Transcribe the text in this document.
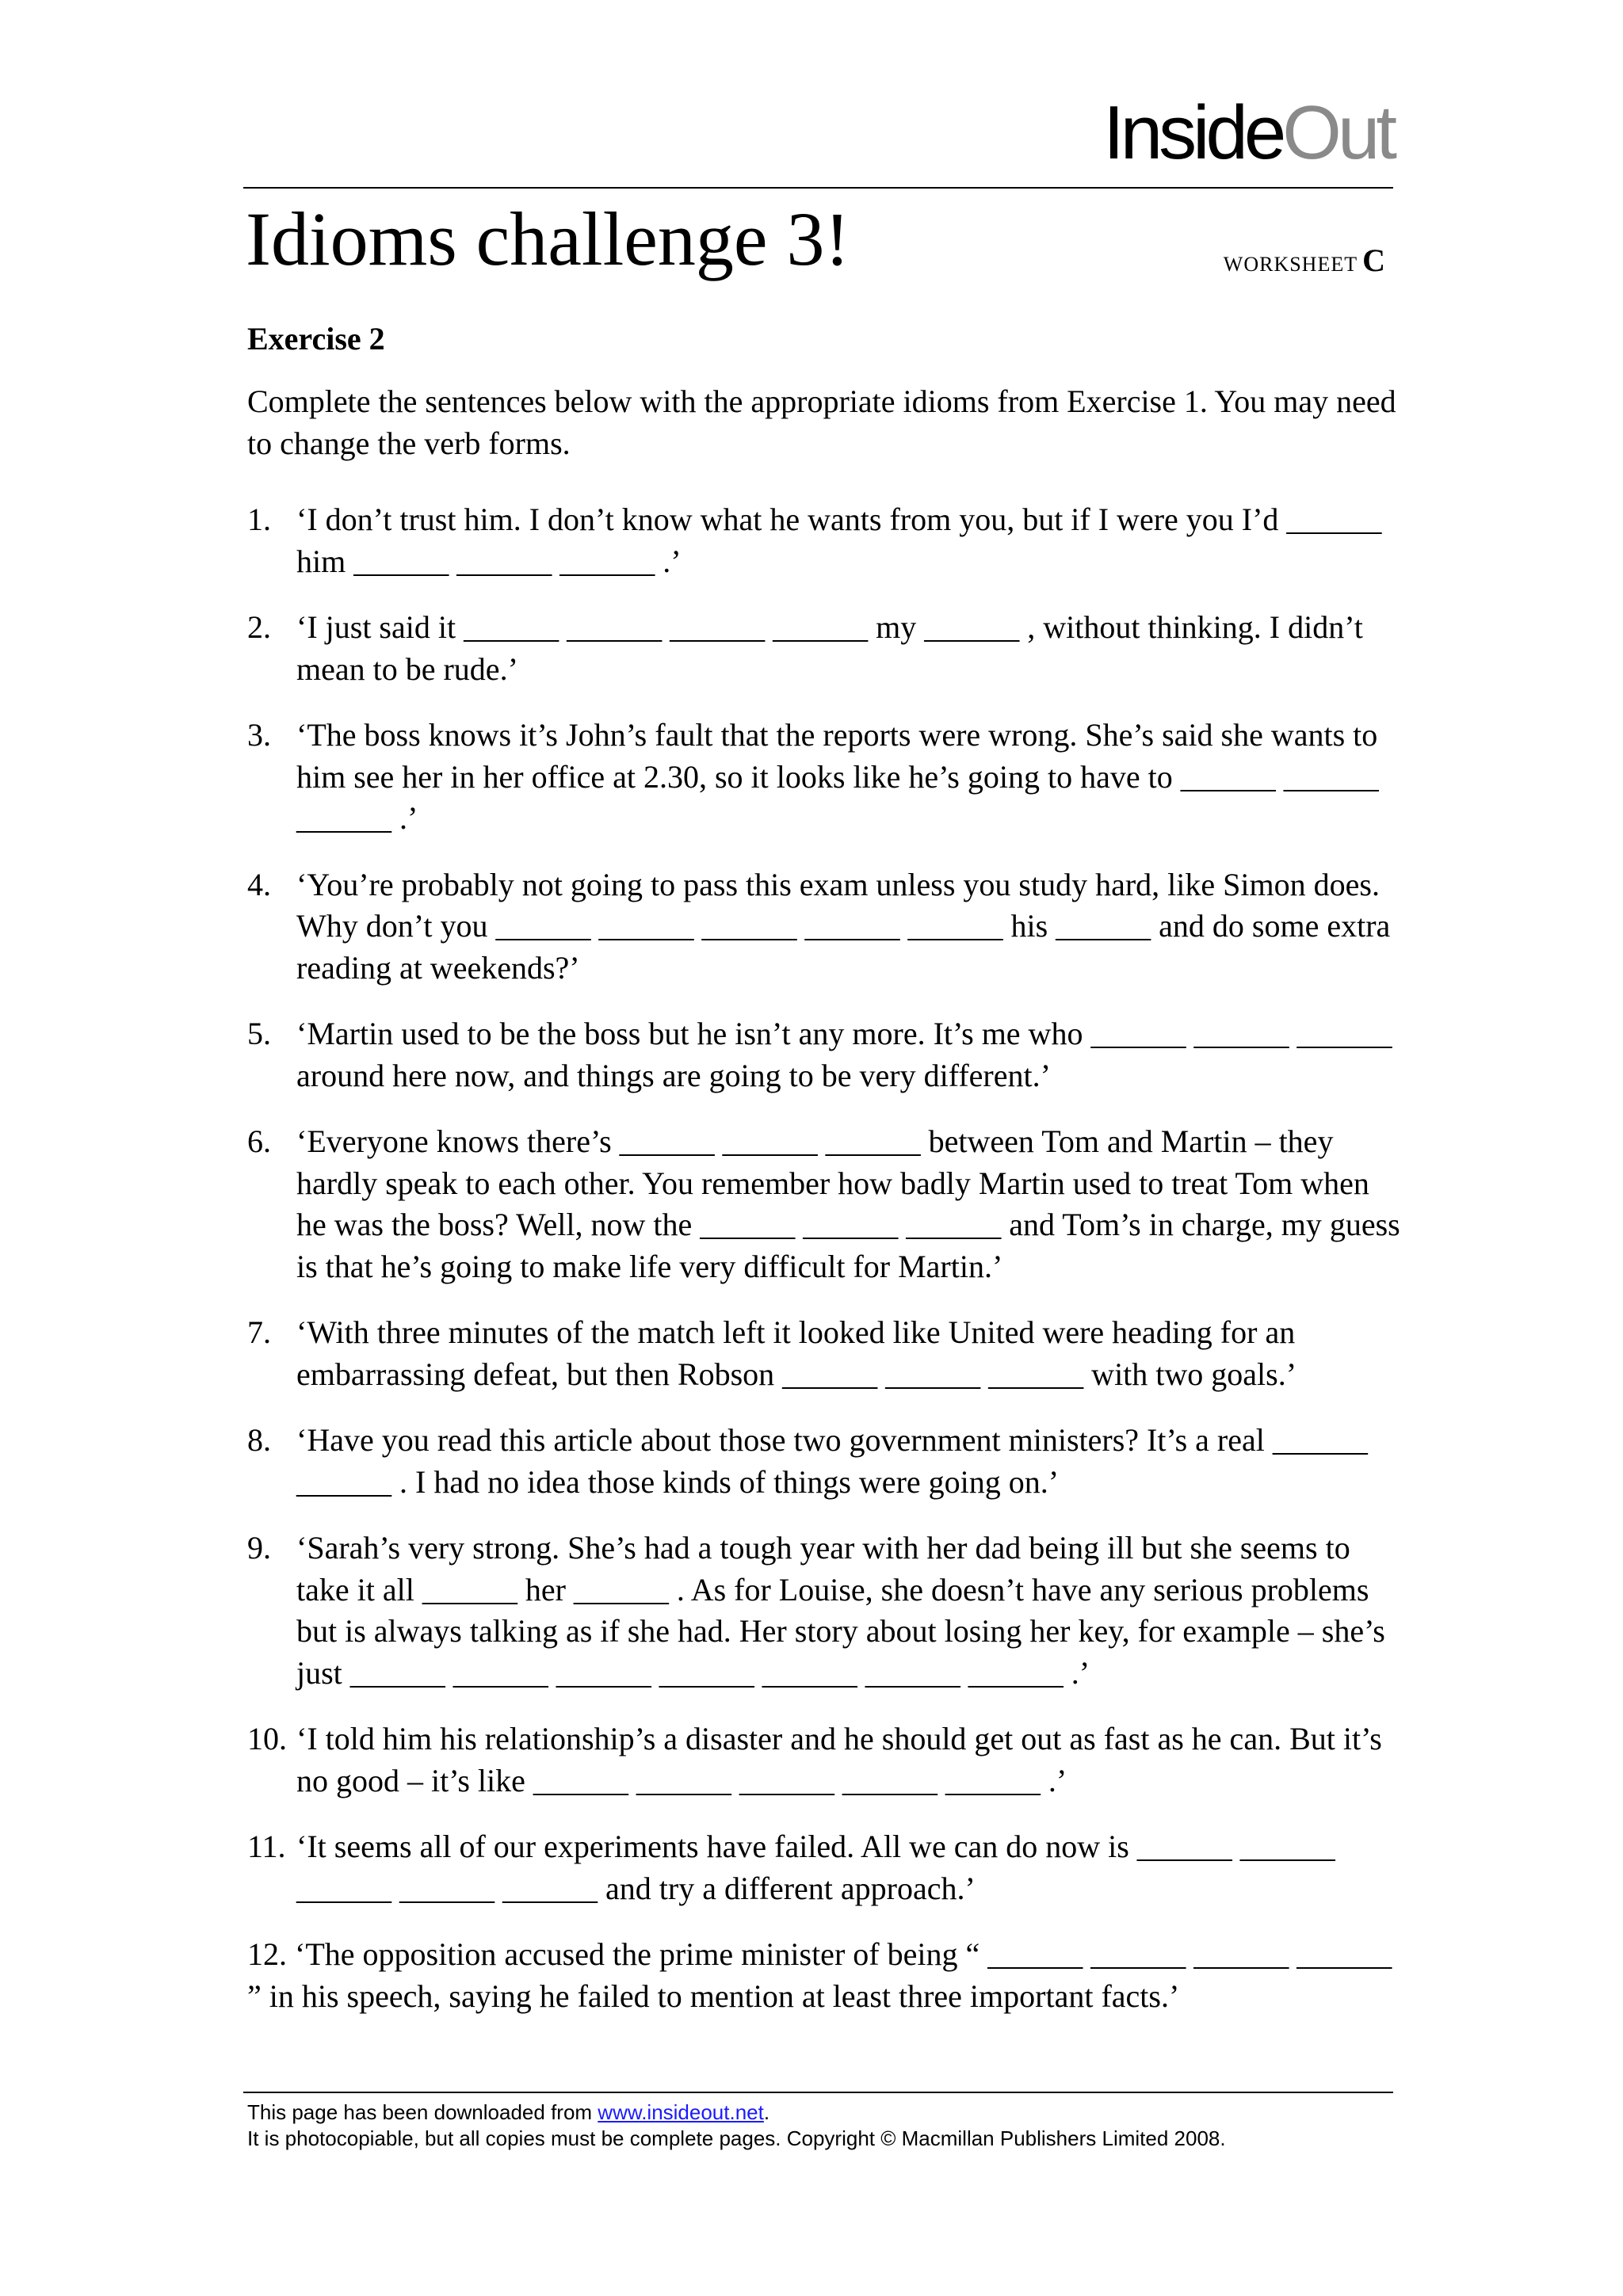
InsideOut
Idioms challenge 3!	WORKSHEET C
Exercise 2
Complete the sentences below with the appropriate idioms from Exercise 1. You may need to change the verb forms.
1. ‘I don’t trust him. I don’t know what he wants from you, but if I were you I’d ______ him ______ ______ ______ .’
2. ‘I just said it ______ ______ ______ ______ my ______ , without thinking. I didn’t mean to be rude.’
3. ‘The boss knows it’s John’s fault that the reports were wrong. She’s said she wants to him see her in her office at 2.30, so it looks like he’s going to have to ______ ______ ______ .’
4. ‘You’re probably not going to pass this exam unless you study hard, like Simon does. Why don’t you ______ ______ ______ ______ ______ his ______ and do some extra reading at weekends?’
5. ‘Martin used to be the boss but he isn’t any more. It’s me who ______ ______ ______ around here now, and things are going to be very different.’
6. ‘Everyone knows there’s ______ ______ ______ between Tom and Martin – they hardly speak to each other. You remember how badly Martin used to treat Tom when he was the boss? Well, now the ______ ______ ______ and Tom’s in charge, my guess is that he’s going to make life very difficult for Martin.’
7. ‘With three minutes of the match left it looked like United were heading for an embarrassing defeat, but then Robson ______ ______ ______ with two goals.’
8. ‘Have you read this article about those two government ministers? It’s a real ______ ______ . I had no idea those kinds of things were going on.’
9. ‘Sarah’s very strong. She’s had a tough year with her dad being ill but she seems to take it all ______ her ______ . As for Louise, she doesn’t have any serious problems but is always talking as if she had. Her story about losing her key, for example – she’s just ______ ______ ______ ______ ______ ______ ______ .’
10. ‘I told him his relationship’s a disaster and he should get out as fast as he can. But it’s no good – it’s like ______ ______ ______ ______ ______ .’
11. ‘It seems all of our experiments have failed. All we can do now is ______ ______ ______ ______ ______ and try a different approach.’
12. ‘The opposition accused the prime minister of being “ ______ ______ ______ ______ ” in his speech, saying he failed to mention at least three important facts.’
This page has been downloaded from www.insideout.net.
It is photocopiable, but all copies must be complete pages. Copyright © Macmillan Publishers Limited 2008.
